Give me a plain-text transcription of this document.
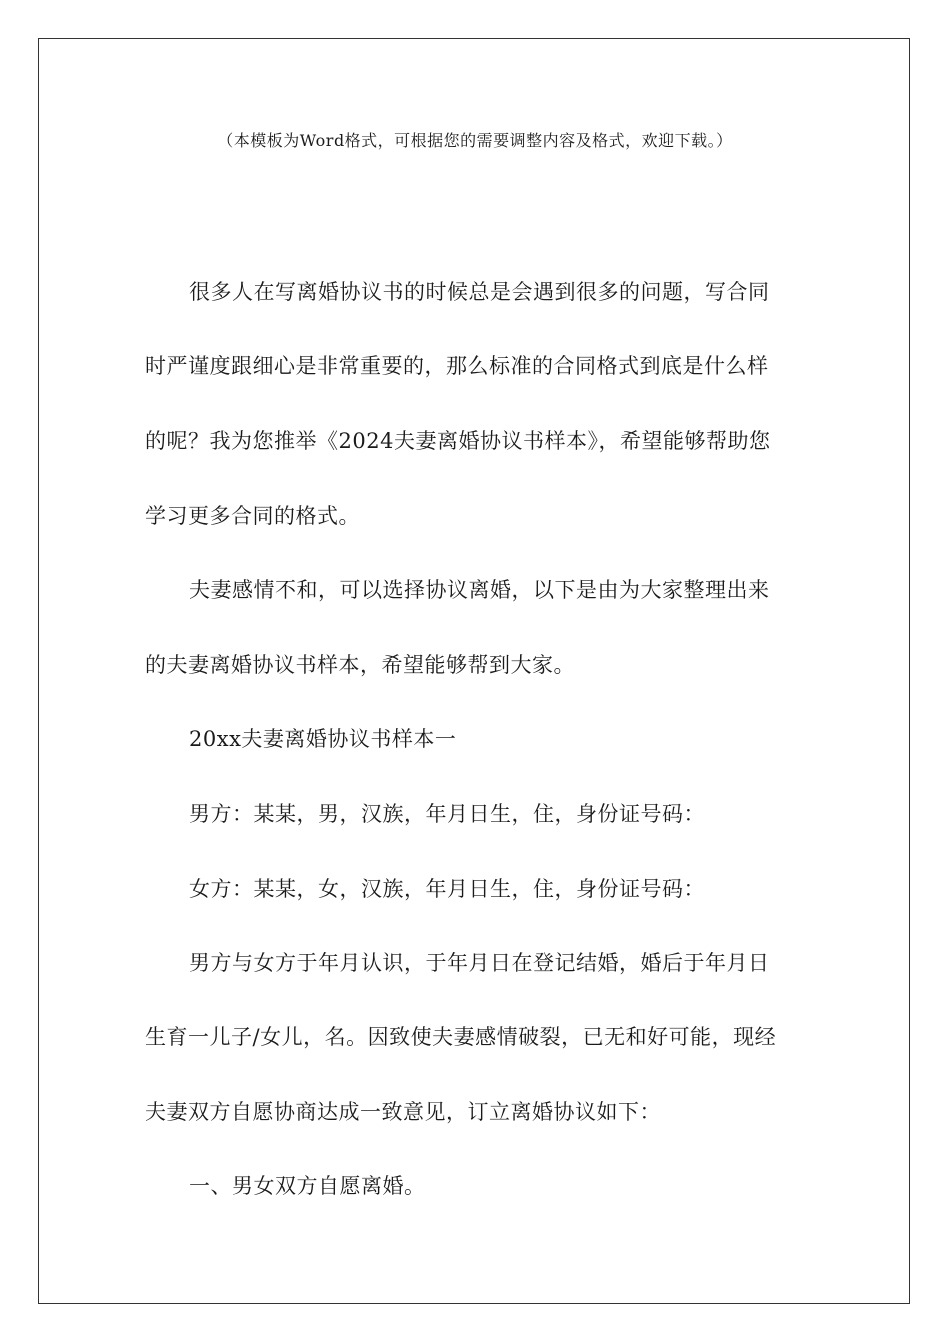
（本模板为Word格式，可根据您的需要调整内容及格式，欢迎下载。）
很多人在写离婚协议书的时候总是会遇到很多的问题，写合同
时严谨度跟细心是非常重要的，那么标准的合同格式到底是什么样
的呢？我为您推举《2024夫妻离婚协议书样本》，希望能够帮助您
学习更多合同的格式。
夫妻感情不和，可以选择协议离婚，以下是由为大家整理出来
的夫妻离婚协议书样本，希望能够帮到大家。
20xx夫妻离婚协议书样本一
男方：某某，男，汉族，年月日生，住，身份证号码：
女方：某某，女，汉族，年月日生，住，身份证号码：
男方与女方于年月认识，于年月日在登记结婚，婚后于年月日
生育一儿子/女儿，名。因致使夫妻感情破裂，已无和好可能，现经
夫妻双方自愿协商达成一致意见，订立离婚协议如下：
一、男女双方自愿离婚。
